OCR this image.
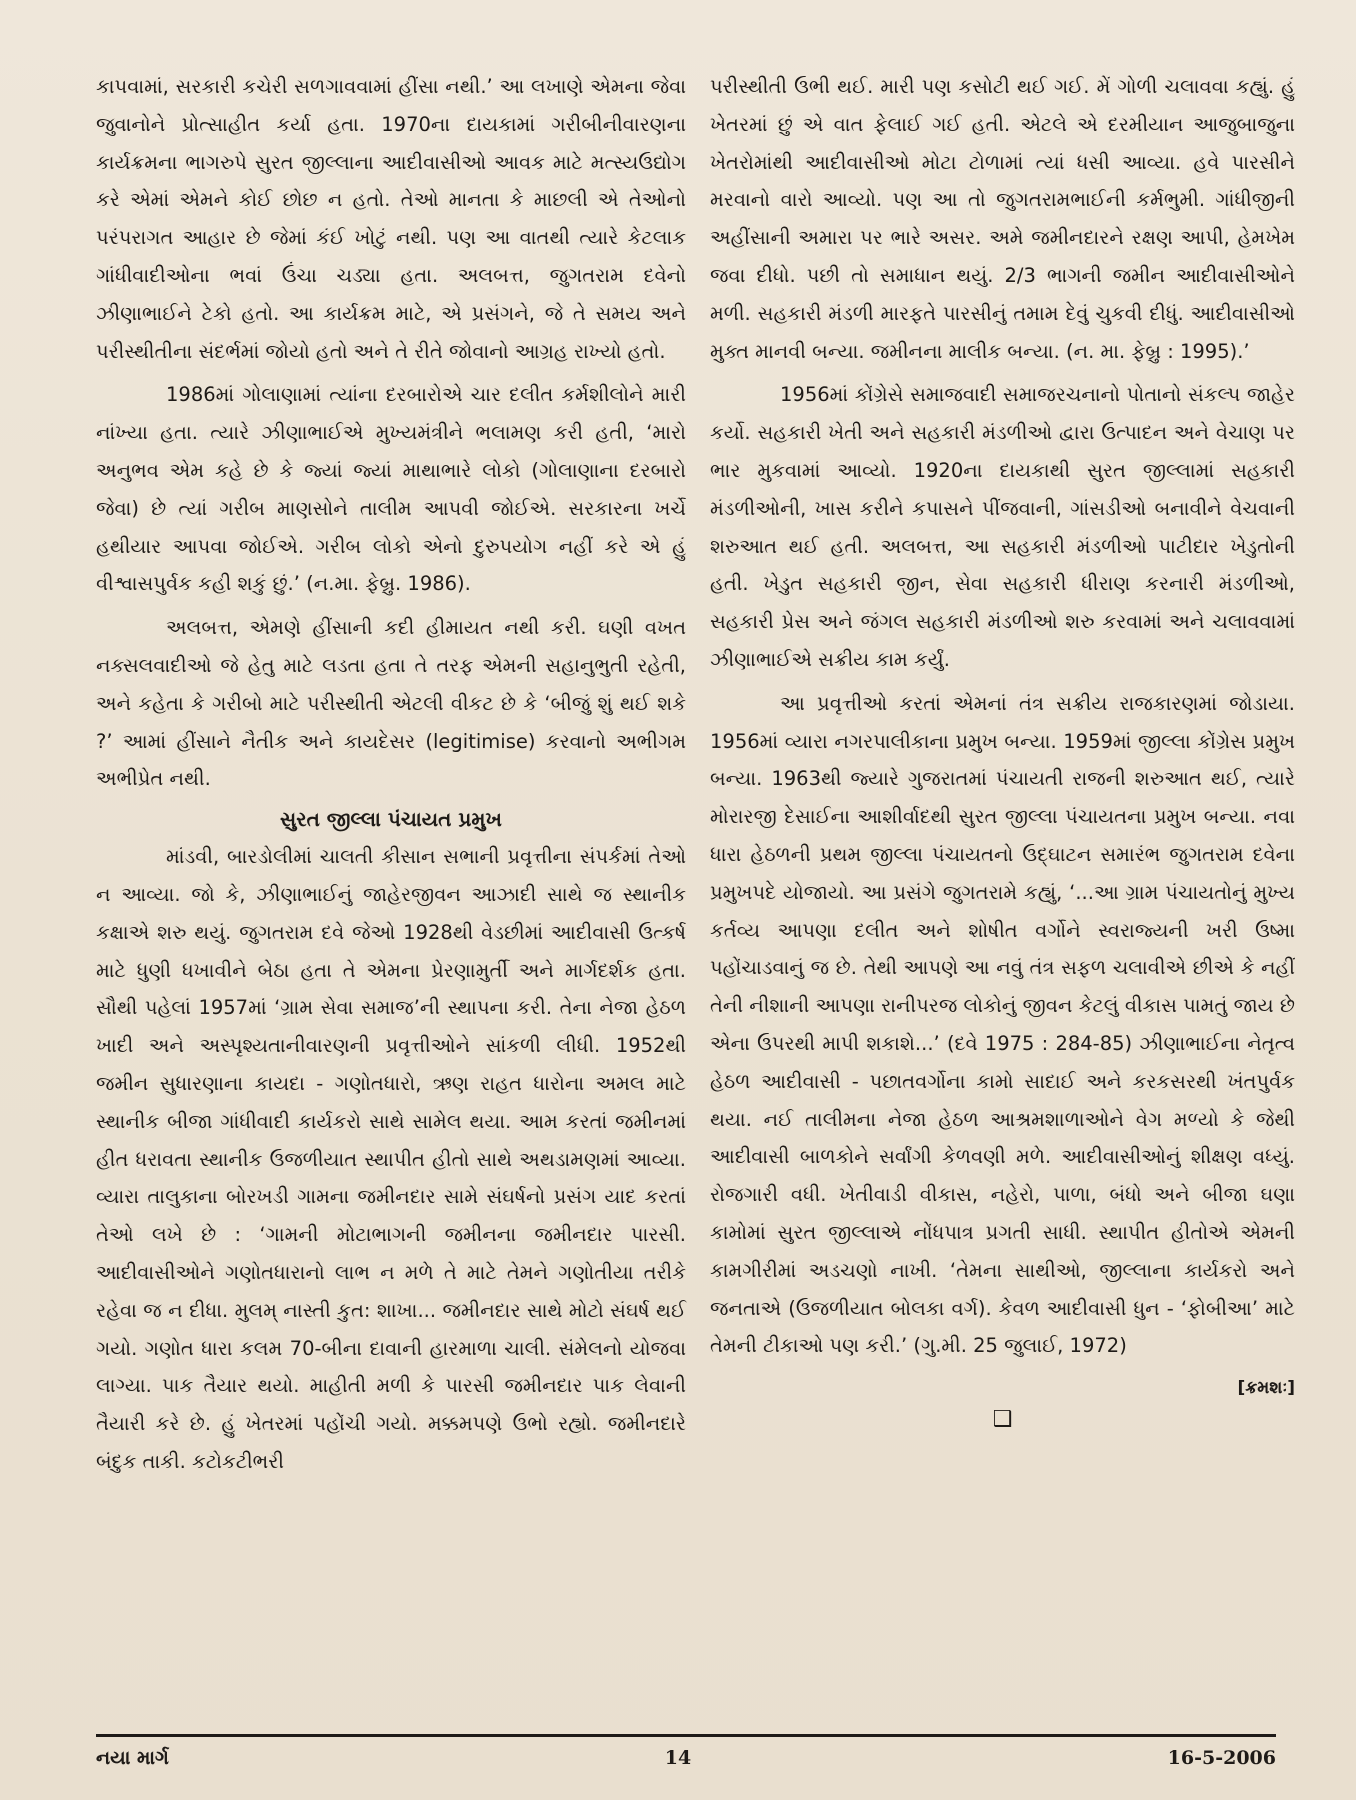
કાપવામાં, સરકારી કચેરી સળગાવવામાં હીંસા નથી.’ આ લખાણે એમના જેવા જુવાનોને પ્રોત્સાહીત કર્યા હતા. 1970ના દાયકામાં ગરીબીનીવારણના કાર્યક્રમના ભાગરુપે સુરત જીલ્લાના આદીવાસીઓ આવક માટે મત્સ્યઉદ્યોગ કરે એમાં એમને કોઈ છોછ ન હતો. તેઓ માનતા કે માછલી એ તેઓનો પરંપરાગત આહાર છે જેમાં કંઈ ખોટું નથી. પણ આ વાતથી ત્યારે કેટલાક ગાંધીવાદીઓના ભવાં ઉંચા ચડ્યા હતા. અલબત્ત, જુગતરામ દવેનો ઝીણાભાઈને ટેકો હતો. આ કાર્યક્રમ માટે, એ પ્રસંગને, જે તે સમય અને પરીસ્થીતીના સંદર્ભમાં જોયો હતો અને તે રીતે જોવાનો આગ્રહ રાખ્યો હતો.

1986માં ગોલાણામાં ત્યાંના દરબારોએ ચાર દલીત કર્મશીલોને મારી નાંખ્યા હતા. ત્યારે ઝીણાભાઈએ મુખ્યમંત્રીને ભલામણ કરી હતી, ‘મારો અનુભવ એમ કહે છે કે જ્યાં જ્યાં માથાભારે લોકો (ગોલાણાના દરબારો જેવા) છે ત્યાં ગરીબ માણસોને તાલીમ આપવી જોઈએ. સરકારના ખર્ચે હથીયાર આપવા જોઈએ. ગરીબ લોકો એનો દુરુપયોગ નહીં કરે એ હું વીશ્વાસપુર્વક કહી શકું છું.’ (ન.મા. ફેબ્રુ. 1986).

અલબત્ત, એમણે હીંસાની કદી હીમાયત નથી કરી. ઘણી વખત નક્સલવાદીઓ જે હેતુ માટે લડતા હતા તે તરફ એમની સહાનુભુતી રહેતી, અને કહેતા કે ગરીબો માટે પરીસ્થીતી એટલી વીકટ છે કે ‘બીજું શું થઈ શકે ?’ આમાં હીંસાને નૈતીક અને કાયદેસર (legitimise) કરવાનો અભીગમ અભીપ્રેત નથી.

સુરત જીલ્લા પંચાયત પ્રમુખ

માંડવી, બારડોલીમાં ચાલતી કીસાન સભાની પ્રવૃત્તીના સંપર્કમાં તેઓ ન આવ્યા. જો કે, ઝીણાભાઈનું જાહેરજીવન આઝાદી સાથે જ સ્થાનીક કક્ષાએ શરુ થયું. જુગતરામ દવે જેઓ 1928થી વેડછીમાં આદીવાસી ઉત્કર્ષ માટે ધુણી ધખાવીને બેઠા હતા તે એમના પ્રેરણામુર્તી અને માર્ગદર્શક હતા. સૌથી પહેલાં 1957માં ‘ગ્રામ સેવા સમાજ’ની સ્થાપના કરી. તેના નેજા હેઠળ ખાદી અને અસ્પૃશ્યતાનીવારણની પ્રવૃત્તીઓને સાંકળી લીધી. 1952થી જમીન સુધારણાના કાયદા - ગણોતધારો, ઋણ રાહત ધારોના અમલ માટે સ્થાનીક બીજા ગાંધીવાદી કાર્યકરો સાથે સામેલ થયા. આમ કરતાં જમીનમાં હીત ધરાવતા સ્થાનીક ઉજળીયાત સ્થાપીત હીતો સાથે અથડામણમાં આવ્યા. વ્યારા તાલુકાના બોરખડી ગામના જમીનદાર સામે સંઘર્ષનો પ્રસંગ યાદ કરતાં તેઓ લખે છે : ‘ગામની મોટાભાગની જમીનના જમીનદાર પારસી. આદીવાસીઓને ગણોતધારાનો લાભ ન મળે તે માટે તેમને ગણોતીયા તરીકે રહેવા જ ન દીધા. મુલમ્ નાસ્તી કુત: શાખા... જમીનદાર સાથે મોટો સંઘર્ષ થઈ ગયો. ગણોત ધારા કલમ 70-બીના દાવાની હારમાળા ચાલી. સંમેલનો યોજવા લાગ્યા. પાક તૈયાર થયો. માહીતી મળી કે પારસી જમીનદાર પાક લેવાની તૈયારી કરે છે. હું ખેતરમાં પહોંચી ગયો. મક્કમપણે ઉભો રહ્યો. જમીનદારે બંદુક તાકી. કટોકટીભરી

પરીસ્થીતી ઉભી થઈ. મારી પણ કસોટી થઈ ગઈ. મેં ગોળી ચલાવવા કહ્યું. હું ખેતરમાં છું એ વાત ફેલાઈ ગઈ હતી. એટલે એ દરમીયાન આજુબાજુના ખેતરોમાંથી આદીવાસીઓ મોટા ટોળામાં ત્યાં ધસી આવ્યા. હવે પારસીને મરવાનો વારો આવ્યો. પણ આ તો જુગતરામભાઈની કર્મભુમી. ગાંધીજીની અહીંસાની અમારા પર ભારે અસર. અમે જમીનદારને રક્ષણ આપી, હેમખેમ જવા દીધો. પછી તો સમાધાન થયું. 2/3 ભાગની જમીન આદીવાસીઓને મળી. સહકારી મંડળી મારફતે પારસીનું તમામ દેવું ચુકવી દીધું. આદીવાસીઓ મુક્ત માનવી બન્યા. જમીનના માલીક બન્યા. (ન. મા. ફેબ્રુ : 1995).’

1956માં કોંગ્રેસે સમાજવાદી સમાજરચનાનો પોતાનો સંકલ્પ જાહેર કર્યો. સહકારી ખેતી અને સહકારી મંડળીઓ દ્વારા ઉત્પાદન અને વેચાણ પર ભાર મુકવામાં આવ્યો. 1920ના દાયકાથી સુરત જીલ્લામાં સહકારી મંડળીઓની, ખાસ કરીને કપાસને પીંજવાની, ગાંસડીઓ બનાવીને વેચવાની શરુઆત થઈ હતી. અલબત્ત, આ સહકારી મંડળીઓ પાટીદાર ખેડુતોની હતી. ખેડુત સહકારી જીન, સેવા સહકારી ધીરાણ કરનારી મંડળીઓ, સહકારી પ્રેસ અને જંગલ સહકારી મંડળીઓ શરુ કરવામાં અને ચલાવવામાં ઝીણાભાઈએ સક્રીય કામ કર્યું.

આ પ્રવૃત્તીઓ કરતાં એમનાં તંત્ર સક્રીય રાજકારણમાં જોડાયા. 1956માં વ્યારા નગરપાલીકાના પ્રમુખ બન્યા. 1959માં જીલ્લા કોંગ્રેસ પ્રમુખ બન્યા. 1963થી જ્યારે ગુજરાતમાં પંચાયતી રાજની શરુઆત થઈ, ત્યારે મોરારજી દેસાઈના આશીર્વાદથી સુરત જીલ્લા પંચાયતના પ્રમુખ બન્યા. નવા ધારા હેઠળની પ્રથમ જીલ્લા પંચાયતનો ઉદ્ઘાટન સમારંભ જુગતરામ દવેના પ્રમુખપદે યોજાયો. આ પ્રસંગે જુગતરામે કહ્યું, ‘...આ ગ્રામ પંચાયતોનું મુખ્ય કર્તવ્ય આપણા દલીત અને શોષીત વર્ગોને સ્વરાજ્યની ખરી ઉષ્મા પહોંચાડવાનું જ છે. તેથી આપણે આ નવું તંત્ર સફળ ચલાવીએ છીએ કે નહીં તેની નીશાની આપણા રાનીપરજ લોકોનું જીવન કેટલું વીકાસ પામતું જાય છે એના ઉપરથી માપી શકાશે...’ (દવે 1975 : 284-85) ઝીણાભાઈના નેતૃત્વ હેઠળ આદીવાસી - પછાતવર્ગોના કામો સાદાઈ અને કરકસરથી ખંતપુર્વક થયા. નઈ તાલીમના નેજા હેઠળ આશ્રમશાળાઓને વેગ મળ્યો કે જેથી આદીવાસી બાળકોને સર્વાંગી કેળવણી મળે. આદીવાસીઓનું શીક્ષણ વધ્યું. રોજગારી વધી. ખેતીવાડી વીકાસ, નહેરો, પાળા, બંધો અને બીજા ઘણા કામોમાં સુરત જીલ્લાએ નોંધપાત્ર પ્રગતી સાધી. સ્થાપીત હીતોએ એમની કામગીરીમાં અડચણો નાખી. ‘તેમના સાથીઓ, જીલ્લાના કાર્યકરો અને જનતાએ (ઉજળીયાત બોલકા વર્ગ). કેવળ આદીવાસી ધુન - ‘ફોબીઆ’ માટે તેમની ટીકાઓ પણ કરી.’ (ગુ.મી. 25 જુલાઈ, 1972)

[ક્રમશઃ]
❑
નયા માર્ગ	14	16-5-2006
